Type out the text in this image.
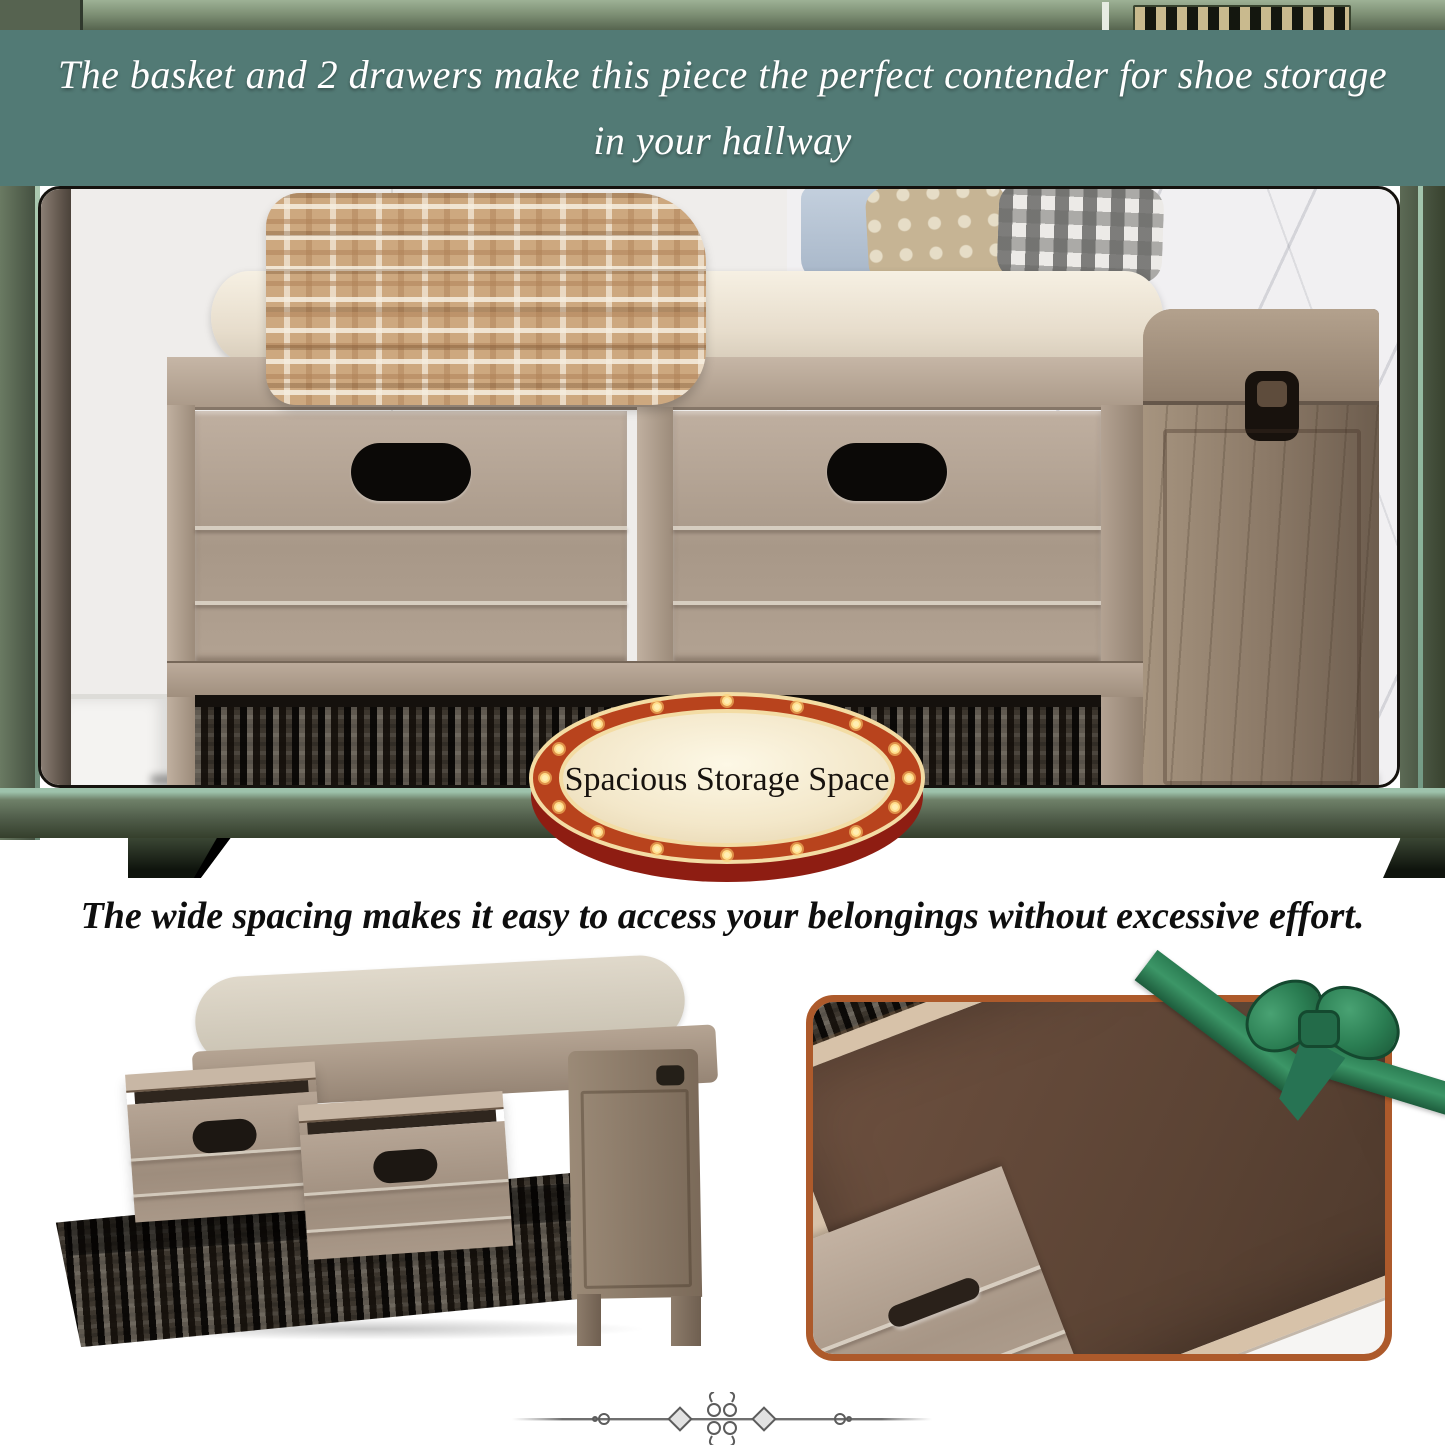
The basket and 2 drawers make this piece the perfect contender for shoe storage
in your hallway
Spacious Storage Space
The wide spacing makes it easy to access your belongings without excessive effort.
